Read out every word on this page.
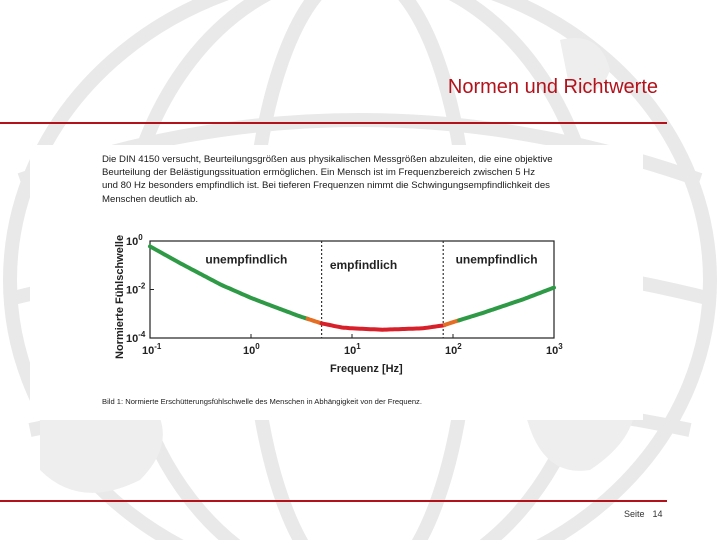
Normen und Richtwerte
Die DIN 4150 versucht, Beurteilungsgrößen aus physikalischen Messgrößen abzuleiten, die eine objektive
Beurteilung der Belästigungssituation ermöglichen. Ein Mensch ist im Frequenzbereich zwischen 5 Hz
und 80 Hz besonders empfindlich ist. Bei tieferen Frequenzen nimmt die Schwingungsempfindlichkeit des
Menschen deutlich ab.
Normierte Fühlschwelle
Frequenz [Hz]
$10^{-1}$	$10^0$	$10^1$	$10^2$	$10^3$
$10^0$
$10^{-2}$
$10^{-4}$
unempfindlich	empfindlich	unempfindlich
Bild 1: Normierte Erschütterungsfühlschwelle des Menschen in Abhängigkeit von der Frequenz.
Seite 14
